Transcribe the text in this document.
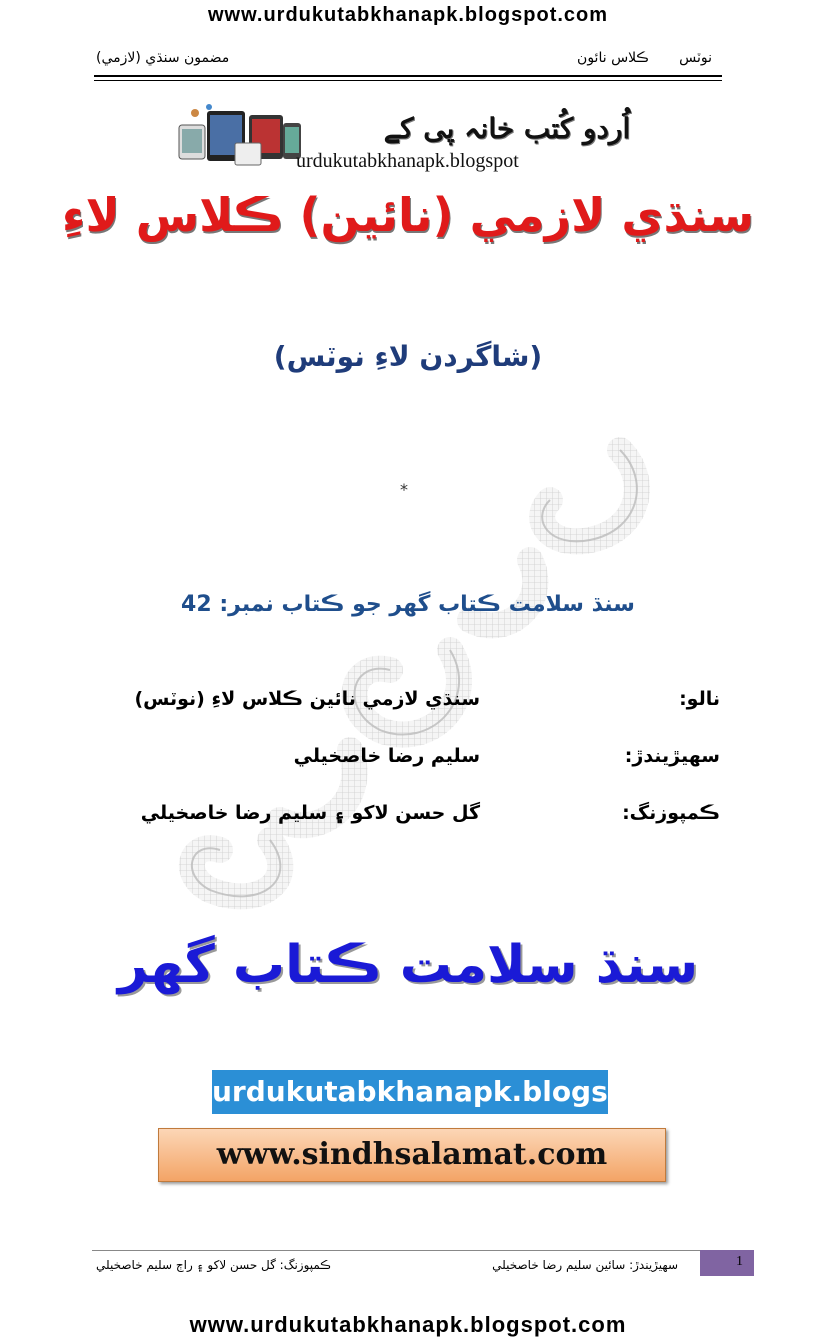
www.urdukutabkhanapk.blogspot.com
مضمون سنڌي (لازمي)	نوٽس ڪلاس نائون
اُردو کُتب خانہ پی کے
urdukutabkhanapk.blogspot
سنڌي لازمي (نائين) ڪلاس لاءِ
(شاگردن لاءِ نوٽس)
*
سنڌ سلامت ڪتاب گهر جو ڪتاب نمبر: 42
نالو:
سنڌي لازمي نائين ڪلاس لاءِ (نوٽس)
سهيڙيندڙ:
سليم رضا خاصخيلي
ڪمپوزنگ:
گل حسن لاکو ۽ سليم رضا خاصخيلي
سنڌ سلامت ڪتاب گهر
urdukutabkhanapk.blogspot
www.sindhsalamat.com
1
سهيڙيندڙ: سائين سليم رضا خاصخيلي
ڪمپوزنگ: گل حسن لاکو ۽ راڄ سليم خاصخيلي
www.urdukutabkhanapk.blogspot.com
